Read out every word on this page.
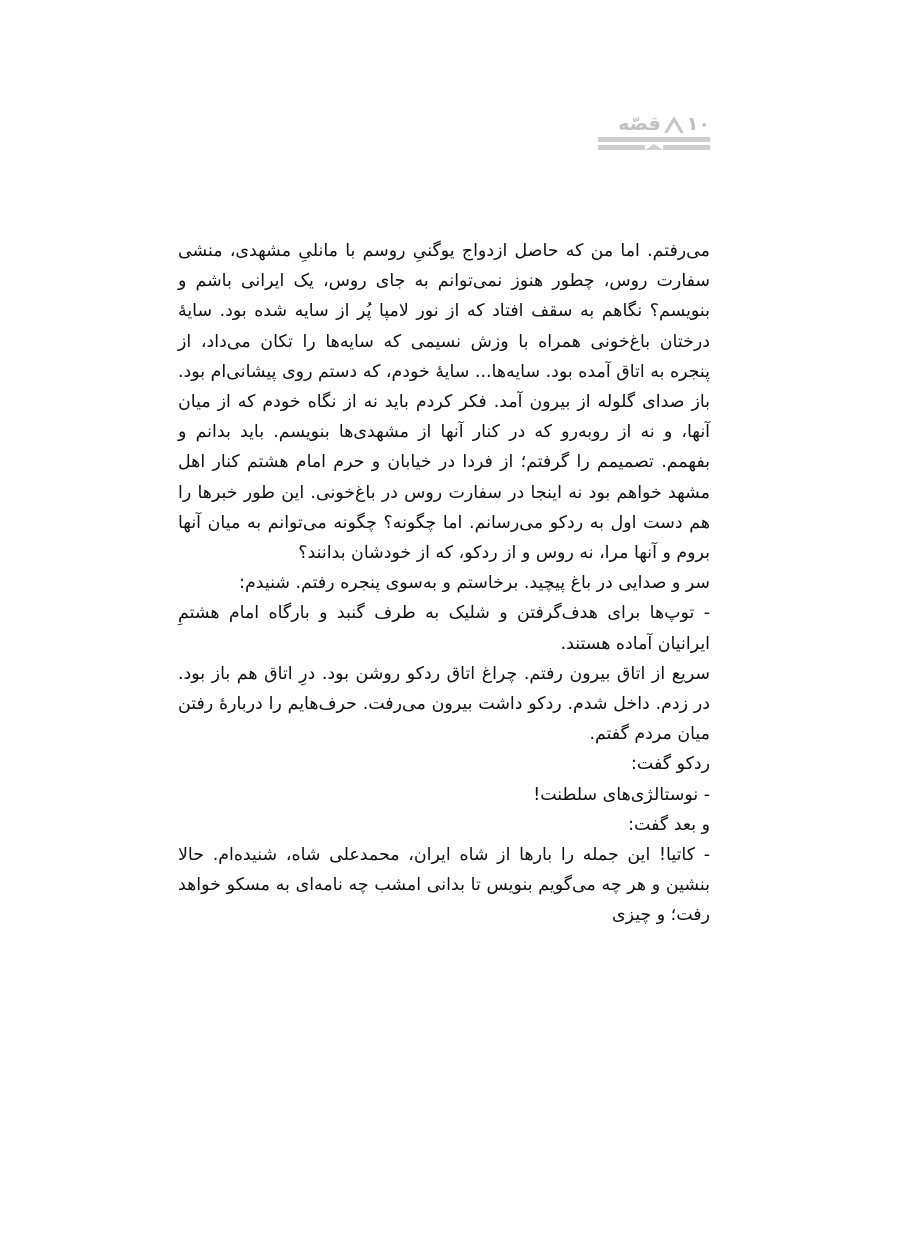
۱۰
قصّه

می‌رفتم. اما من که حاصل ازدواج یوگنیِ روسم با مانلیِ مشهدی، منشی سفارت روس، چطور هنوز نمی‌توانم به جای روس، یک ایرانی باشم و بنویسم؟ نگاهم به سقف افتاد که از نور لامپا پُر از سایه شده بود. سایهٔ درختان باغ‌خونی همراه با وزش نسیمی که سایه‌ها را تکان می‌داد، از پنجره به اتاق آمده بود. سایه‌ها... سایهٔ خودم، که دستم روی پیشانی‌ام بود. باز صدای گلوله از بیرون آمد. فکر کردم باید نه از نگاه خودم که از میان آنها، و نه از روبه‌رو که در کنار آنها از مشهدی‌ها بنویسم. باید بدانم و بفهمم. تصمیمم را گرفتم؛ از فردا در خیابان و حرم امام هشتم کنار اهل مشهد خواهم بود نه اینجا در سفارت روس در باغ‌خونی. این طور خبرها را هم دست اول به ردکو می‌رسانم. اما چگونه؟ چگونه می‌توانم به میان آنها بروم و آنها مرا، نه روس و از ردکو، که از خودشان بدانند؟

سر و صدایی در باغ پیچید. برخاستم و به‌سوی پنجره رفتم. شنیدم:

- توپ‌ها برای هدف‌گرفتن و شلیک به طرف گنبد و بارگاه امام هشتمِ ایرانیان آماده هستند.

سریع از اتاق بیرون رفتم. چراغ اتاق ردکو روشن بود. درِ اتاق هم باز بود. در زدم. داخل شدم. ردکو داشت بیرون می‌رفت. حرف‌هایم را دربارهٔ رفتن میان مردم گفتم.

ردکو گفت:

- نوستالژی‌های سلطنت!

و بعد گفت:

- کاتیا! این جمله را بارها از شاه ایران، محمدعلی شاه، شنیده‌ام. حالا بنشین و هر چه می‌گویم بنویس تا بدانی امشب چه نامه‌ای به مسکو خواهد رفت؛ و چیزی
